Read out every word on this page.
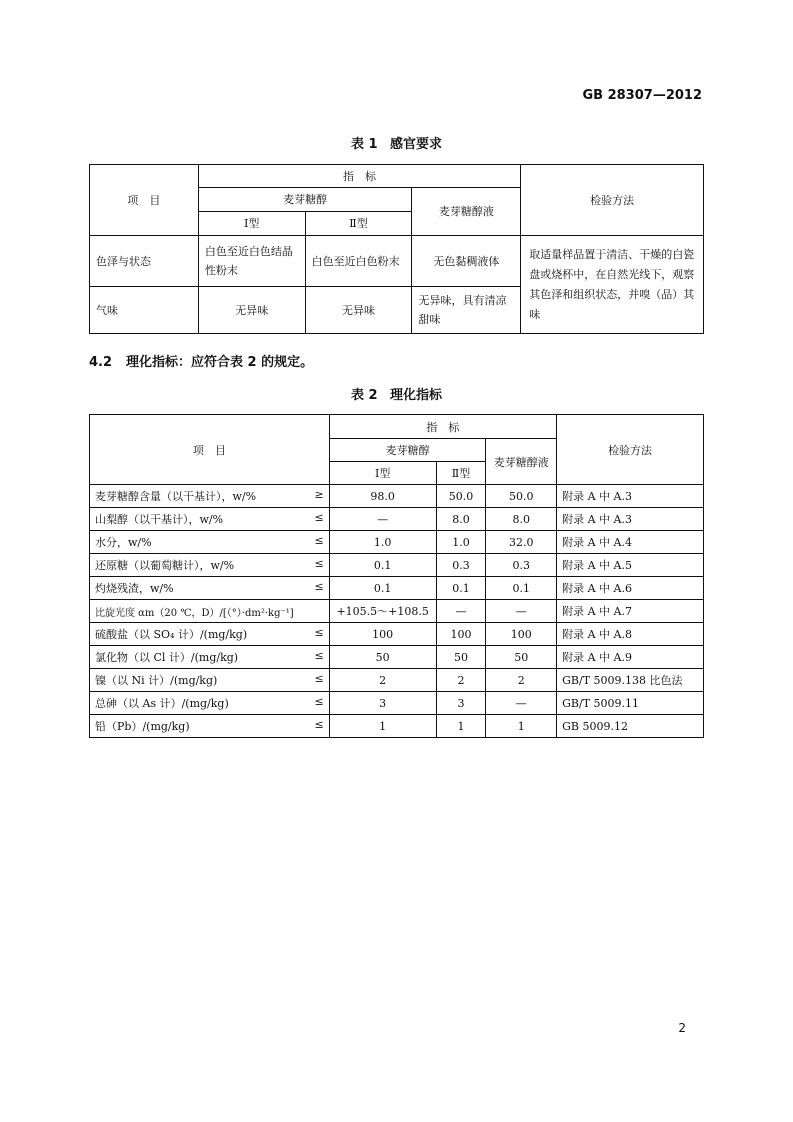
GB 28307—2012
表 1 感官要求
项　目	指　标			检验方法
	麦芽糖醇		麦芽糖醇液	
	Ⅰ型	Ⅱ型		
色泽与状态	白色至近白色结晶性粉末	白色至近白色粉末	无色黏稠液体	取适量样品置于清洁、干燥的白瓷盘或烧杯中，在自然光线下，观察其色泽和组织状态，并嗅（品）其味
气味	无异味	无异味	无异味，具有清凉甜味	
4.2 理化指标：应符合表 2 的规定。
表 2 理化指标
项　目	指　标			检验方法
	麦芽糖醇		麦芽糖醇液	
	Ⅰ型	Ⅱ型		
麦芽糖醇含量（以干基计），w/% ≥	98.0	50.0	50.0	附录 A 中 A.3
山梨醇（以干基计），w/% ≤	—	8.0	8.0	附录 A 中 A.3
水分，w/% ≤	1.0	1.0	32.0	附录 A 中 A.4
还原糖（以葡萄糖计），w/% ≤	0.1	0.3	0.3	附录 A 中 A.5
灼烧残渣，w/% ≤	0.1	0.1	0.1	附录 A 中 A.6
比旋光度 αm（20 ℃，D）/[（°）·dm²·kg⁻¹]	+105.5～+108.5	—	—	附录 A 中 A.7
硫酸盐（以 SO₄ 计）/(mg/kg) ≤	100	100	100	附录 A 中 A.8
氯化物（以 Cl 计）/(mg/kg) ≤	50	50	50	附录 A 中 A.9
镍（以 Ni 计）/(mg/kg) ≤	2	2	2	GB/T 5009.138 比色法
总砷（以 As 计）/(mg/kg) ≤	3	3	—	GB/T 5009.11
铅（Pb）/(mg/kg) ≤	1	1	1	GB 5009.12
2
